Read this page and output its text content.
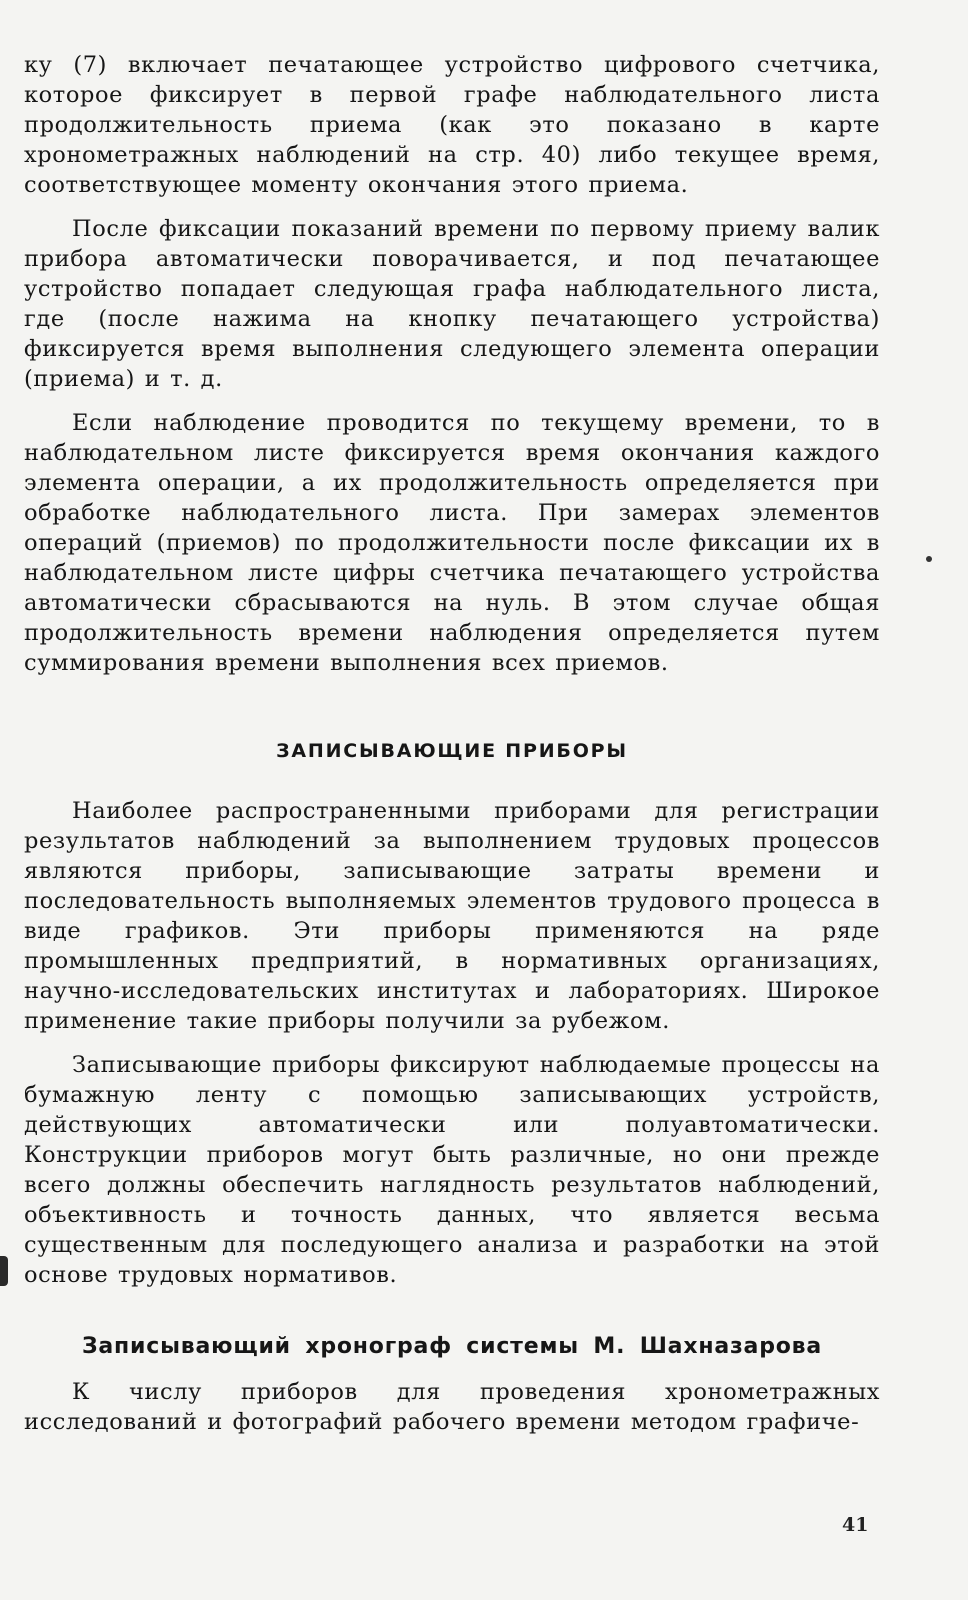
ку (7) включает печатающее устройство цифрового счетчика, которое фиксирует в первой графе наблюдательного листа продолжительность приема (как это показано в карте хронометражных наблюдений на стр. 40) либо текущее время, соответствующее моменту окончания этого приема.

После фиксации показаний времени по первому приему валик прибора автоматически поворачивается, и под печатающее устройство попадает следующая графа наблюдательного листа, где (после нажима на кнопку печатающего устройства) фиксируется время выполнения следующего элемента операции (приема) и т. д.

Если наблюдение проводится по текущему времени, то в наблюдательном листе фиксируется время окончания каждого элемента операции, а их продолжительность определяется при обработке наблюдательного листа. При замерах элементов операций (приемов) по продолжительности после фиксации их в наблюдательном листе цифры счетчика печатающего устройства автоматически сбрасываются на нуль. В этом случае общая продолжительность времени наблюдения определяется путем суммирования времени выполнения всех приемов.

ЗАПИСЫВАЮЩИЕ ПРИБОРЫ

Наиболее распространенными приборами для регистрации результатов наблюдений за выполнением трудовых процессов являются приборы, записывающие затраты времени и последовательность выполняемых элементов трудового процесса в виде графиков. Эти приборы применяются на ряде промышленных предприятий, в нормативных организациях, научно-исследовательских институтах и лабораториях. Широкое применение такие приборы получили за рубежом.

Записывающие приборы фиксируют наблюдаемые процессы на бумажную ленту с помощью записывающих устройств, действующих автоматически или полуавтоматически. Конструкции приборов могут быть различные, но они прежде всего должны обеспечить наглядность результатов наблюдений, объективность и точность данных, что является весьма существенным для последующего анализа и разработки на этой основе трудовых нормативов.

Записывающий хронограф системы М. Шахназарова

К числу приборов для проведения хронометражных исследований и фотографий рабочего времени методом графиче-

41
